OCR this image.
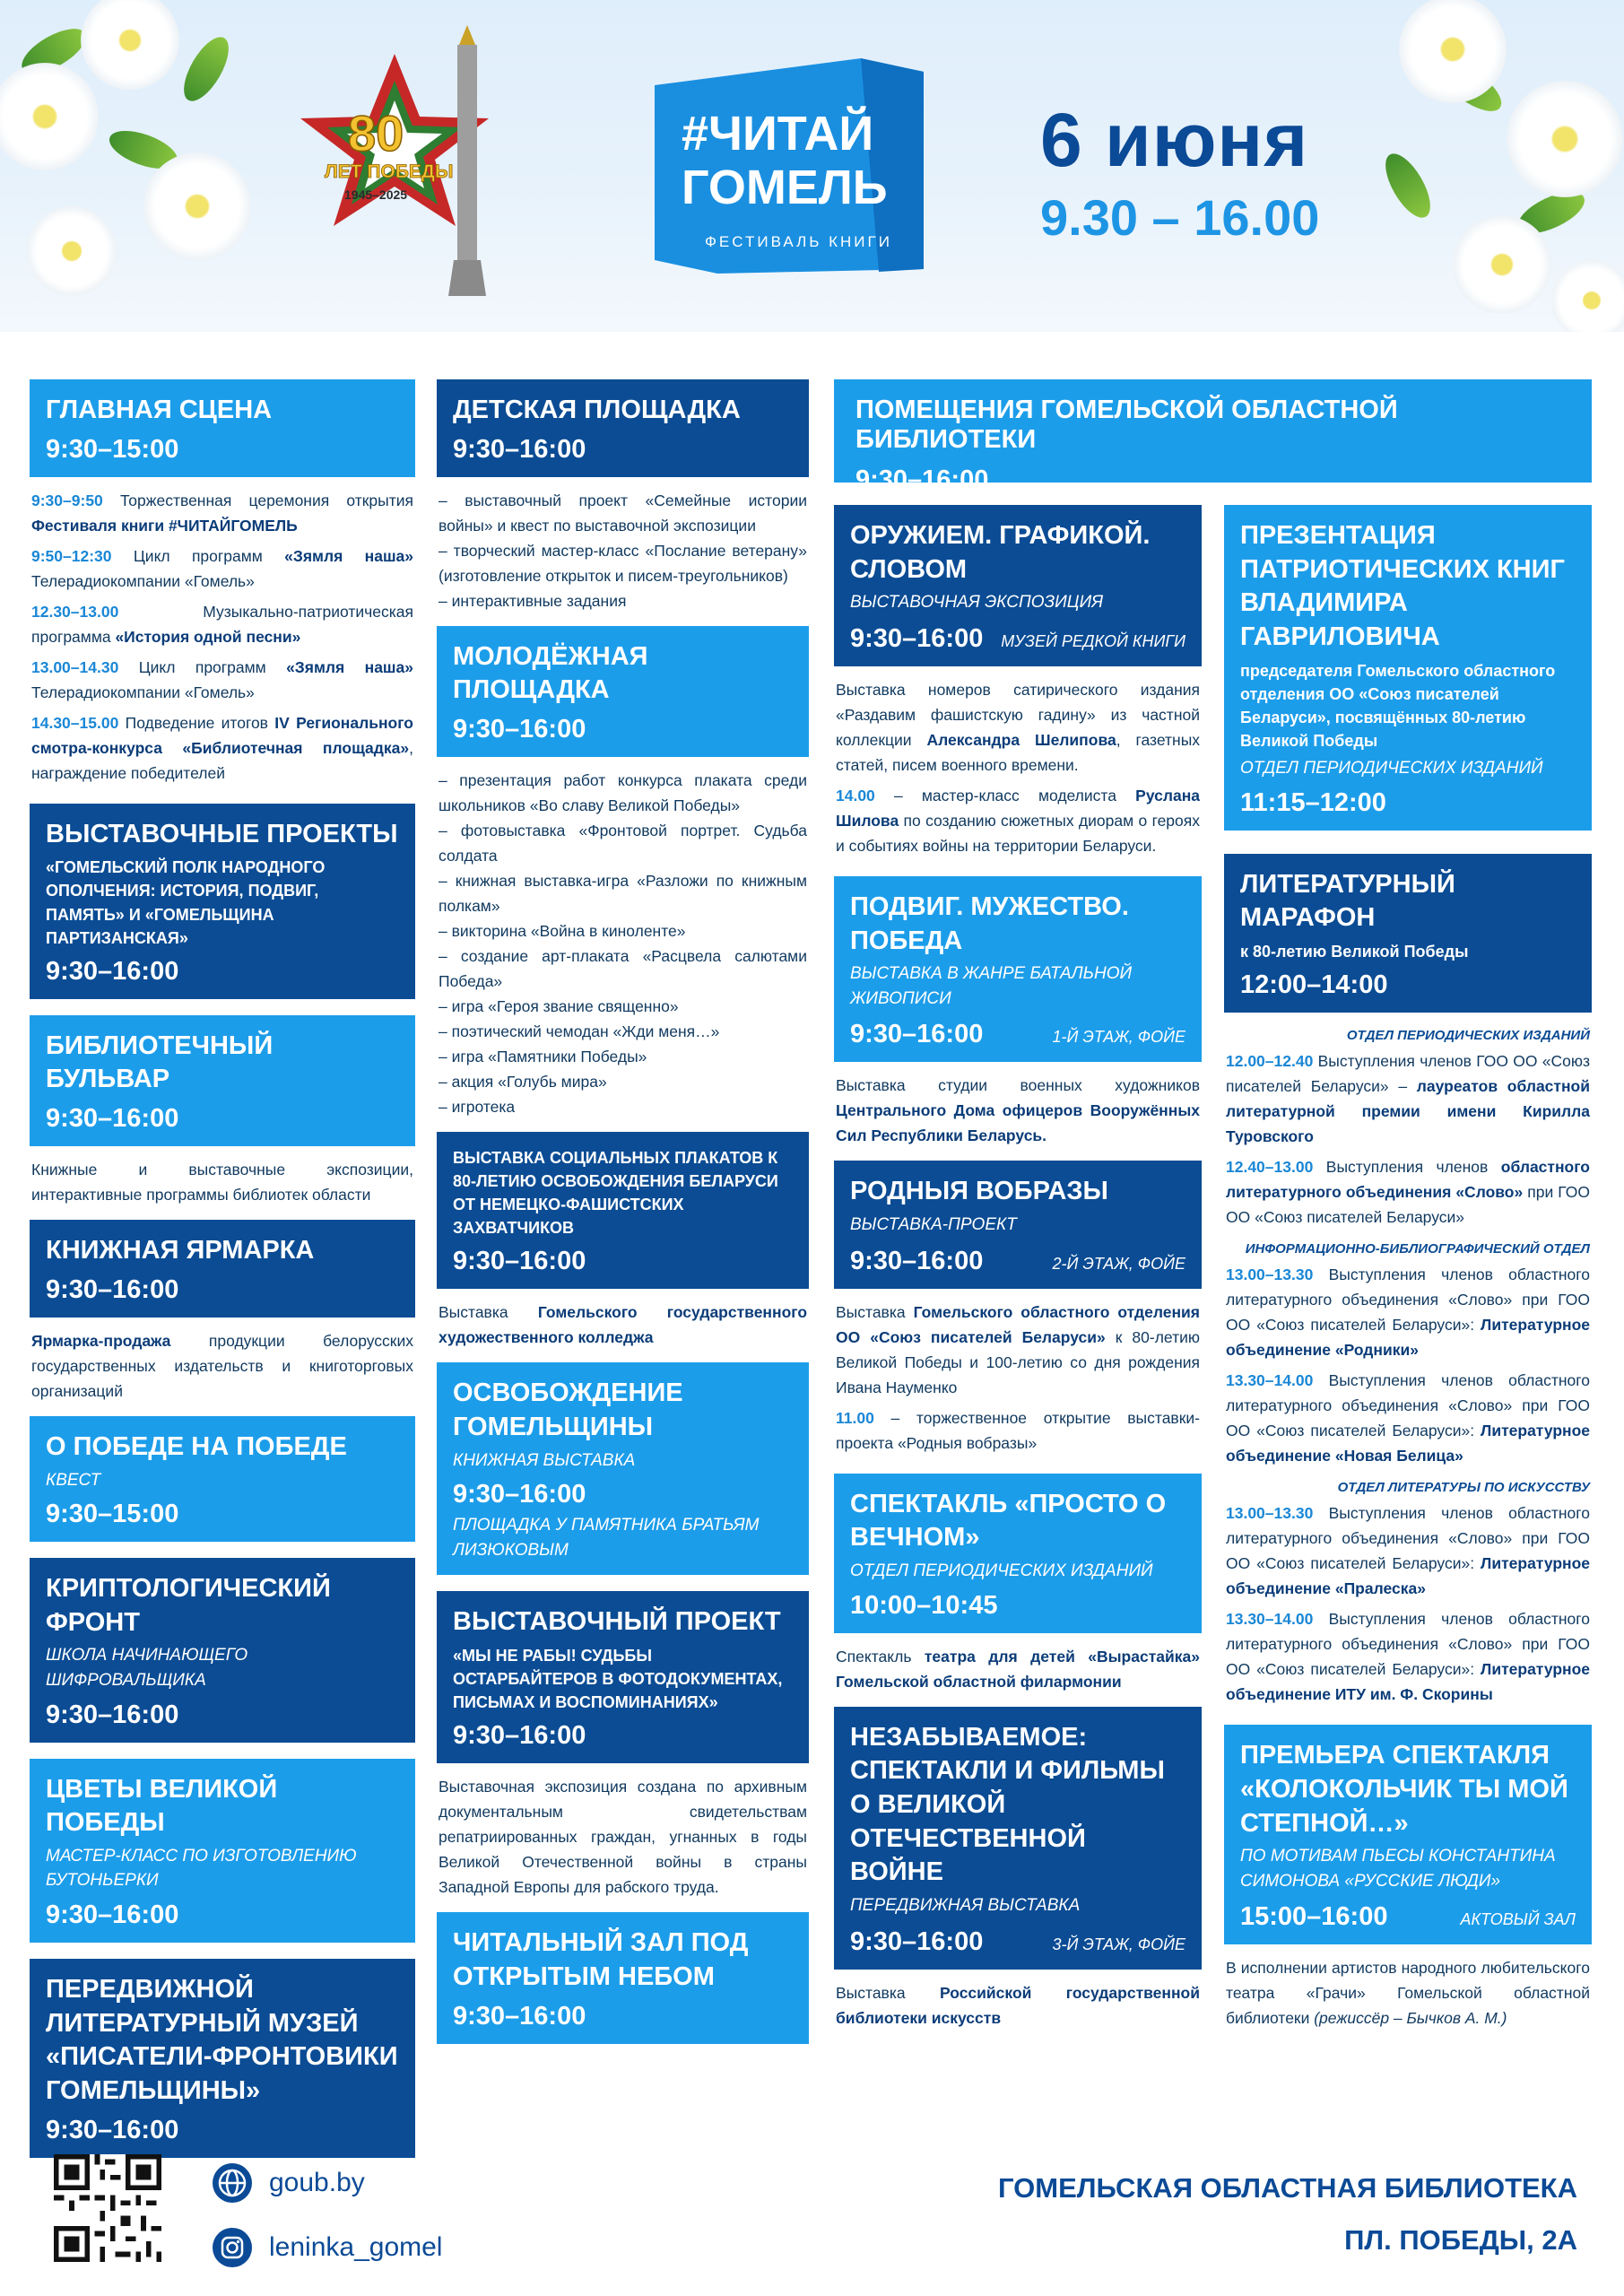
80
ЛЕТ ПОБЕДЫ
1945–2025
#ЧИТАЙ
ГОМЕЛЬ
ФЕСТИВАЛЬ КНИГИ
6 июня
9.30 – 16.00
ГЛАВНАЯ СЦЕНА
9:30–15:00

9:30–9:50 Торжественная церемония открытия Фестиваля книги #ЧИТАЙГОМЕЛЬ

9:50–12:30 Цикл программ «Зямля наша» Телерадиокомпании «Гомель»

12.30–13.00 Музыкально-патриотическая программа «История одной песни»

13.00–14.30 Цикл программ «Зямля наша» Телерадиокомпании «Гомель»

14.30–15.00 Подведение итогов IV Регионального смотра-конкурса «Библиотечная площадка», награждение победителей

ВЫСТАВОЧНЫЕ ПРОЕКТЫ
«ГОМЕЛЬСКИЙ ПОЛК НАРОДНОГО ОПОЛЧЕНИЯ: ИСТОРИЯ, ПОДВИГ, ПАМЯТЬ» И «ГОМЕЛЬЩИНА ПАРТИЗАНСКАЯ»
9:30–16:00
БИБЛИОТЕЧНЫЙ БУЛЬВАР
9:30–16:00
Книжные и выставочные экспозиции, интерактивные программы библиотек области
КНИЖНАЯ ЯРМАРКА
9:30–16:00
Ярмарка-продажа продукции белорусских государственных издательств и книготорговых организаций
О ПОБЕДЕ НА ПОБЕДЕ
КВЕСТ
9:30–15:00
КРИПТОЛОГИЧЕСКИЙ ФРОНТ
ШКОЛА НАЧИНАЮЩЕГО ШИФРОВАЛЬЩИКА
9:30–16:00
ЦВЕТЫ ВЕЛИКОЙ ПОБЕДЫ
МАСТЕР-КЛАСС ПО ИЗГОТОВЛЕНИЮ БУТОНЬЕРКИ
9:30–16:00
ПЕРЕДВИЖНОЙ ЛИТЕРАТУРНЫЙ МУЗЕЙ «ПИСАТЕЛИ-ФРОНТОВИКИ ГОМЕЛЬЩИНЫ»
9:30–16:00
ДЕТСКАЯ ПЛОЩАДКА
9:30–16:00
– выставочный проект «Семейные истории войны» и квест по выставочной экспозиции
– творческий мастер-класс «Послание ветерану» (изготовление открыток и писем-треугольников)
– интерактивные задания
МОЛОДЁЖНАЯ ПЛОЩАДКА
9:30–16:00
– презентация работ конкурса плаката среди школьников «Во славу Великой Победы»
– фотовыставка «Фронтовой портрет. Судьба солдата
– книжная выставка-игра «Разложи по книжным полкам»
– викторина «Война в киноленте»
– создание арт-плаката «Расцвела салютами Победа»
– игра «Героя звание священно»
– поэтический чемодан «Жди меня…»
– игра «Памятники Победы»
– акция «Голубь мира»
– игротека
ВЫСТАВКА СОЦИАЛЬНЫХ ПЛАКАТОВ К 80-ЛЕТИЮ ОСВОБОЖДЕНИЯ БЕЛАРУСИ ОТ НЕМЕЦКО-ФАШИСТСКИХ ЗАХВАТЧИКОВ
9:30–16:00
Выставка Гомельского государственного художественного колледжа
ОСВОБОЖДЕНИЕ ГОМЕЛЬЩИНЫ
КНИЖНАЯ ВЫСТАВКА
9:30–16:00
ПЛОЩАДКА У ПАМЯТНИКА БРАТЬЯМ ЛИЗЮКОВЫМ
ВЫСТАВОЧНЫЙ ПРОЕКТ
«МЫ НЕ РАБЫ! СУДЬБЫ ОСТАРБАЙТЕРОВ В ФОТОДОКУМЕНТАХ, ПИСЬМАХ И ВОСПОМИНАНИЯХ»
9:30–16:00
Выставочная экспозиция создана по архивным документальным свидетельствам репатриированных граждан, угнанных в годы Великой Отечественной войны в страны Западной Европы для рабского труда.
ЧИТАЛЬНЫЙ ЗАЛ ПОД ОТКРЫТЫМ НЕБОМ
9:30–16:00
ПОМЕЩЕНИЯ ГОМЕЛЬСКОЙ ОБЛАСТНОЙ БИБЛИОТЕКИ
9:30–16:00
ОРУЖИЕМ. ГРАФИКОЙ. СЛОВОМ
ВЫСТАВОЧНАЯ ЭКСПОЗИЦИЯ
9:30–16:00 МУЗЕЙ РЕДКОЙ КНИГИ

Выставка номеров сатирического издания «Раздавим фашистскую гадину» из частной коллекции Александра Шелипова, газетных статей, писем военного времени.

14.00 – мастер-класс моделиста Руслана Шилова по созданию сюжетных диорам о героях и событиях войны на территории Беларуси.

ПОДВИГ. МУЖЕСТВО. ПОБЕДА
ВЫСТАВКА В ЖАНРЕ БАТАЛЬНОЙ ЖИВОПИСИ
9:30–16:00	1-Й ЭТАЖ, ФОЙЕ
Выставка студии военных художников Центрального Дома офицеров Вооружённых Сил Республики Беларусь.
РОДНЫЯ ВОБРАЗЫ
ВЫСТАВКА-ПРОЕКТ
9:30–16:00	2-Й ЭТАЖ, ФОЙЕ

Выставка Гомельского областного отделения ОО «Союз писателей Беларуси» к 80-летию Великой Победы и 100-летию со дня рождения Ивана Науменко

11.00 – торжественное открытие выставки-проекта «Родныя вобразы»

СПЕКТАКЛЬ «ПРОСТО О ВЕЧНОМ»
ОТДЕЛ ПЕРИОДИЧЕСКИХ ИЗДАНИЙ
10:00–10:45
Спектакль театра для детей «Вырастайка» Гомельской областной филармонии
НЕЗАБЫВАЕМОЕ: СПЕКТАКЛИ И ФИЛЬМЫ О ВЕЛИКОЙ ОТЕЧЕСТВЕННОЙ ВОЙНЕ
ПЕРЕДВИЖНАЯ ВЫСТАВКА
9:30–16:00	3-Й ЭТАЖ, ФОЙЕ
Выставка Российской государственной библиотеки искусств
ПРЕЗЕНТАЦИЯ ПАТРИОТИЧЕСКИХ КНИГ ВЛАДИМИРА ГАВРИЛОВИЧА
председателя Гомельского областного отделения ОО «Союз писателей Беларуси», посвящённых 80-летию Великой Победы
ОТДЕЛ ПЕРИОДИЧЕСКИХ ИЗДАНИЙ
11:15–12:00
ЛИТЕРАТУРНЫЙ МАРАФОН
к 80-летию Великой Победы
12:00–14:00
ОТДЕЛ ПЕРИОДИЧЕСКИХ ИЗДАНИЙ

12.00–12.40 Выступления членов ГОО ОО «Союз писателей Беларуси» – лауреатов областной литературной премии имени Кирилла Туровского

12.40–13.00 Выступления членов областного литературного объединения «Слово» при ГОО ОО «Союз писателей Беларуси»

ИНФОРМАЦИОННО-БИБЛИОГРАФИЧЕСКИЙ ОТДЕЛ

13.00–13.30 Выступления членов областного литературного объединения «Слово» при ГОО ОО «Союз писателей Беларуси»: Литературное объединение «Родники»

13.30–14.00 Выступления членов областного литературного объединения «Слово» при ГОО ОО «Союз писателей Беларуси»: Литературное объединение «Новая Белица»

ОТДЕЛ ЛИТЕРАТУРЫ ПО ИСКУССТВУ

13.00–13.30 Выступления членов областного литературного объединения «Слово» при ГОО ОО «Союз писателей Беларуси»: Литературное объединение «Пралеска»

13.30–14.00 Выступления членов областного литературного объединения «Слово» при ГОО ОО «Союз писателей Беларуси»: Литературное объединение ИТУ им. Ф. Скорины

ПРЕМЬЕРА СПЕКТАКЛЯ «КОЛОКОЛЬЧИК ТЫ МОЙ СТЕПНОЙ…»
ПО МОТИВАМ ПЬЕСЫ КОНСТАНТИНА СИМОНОВА «РУССКИЕ ЛЮДИ»
15:00–16:00	АКТОВЫЙ ЗАЛ
В исполнении артистов народного любительского театра «Грачи» Гомельской областной библиотеки (режиссёр – Бычков А. М.)
goub.by
leninka_gomel
ГОМЕЛЬСКАЯ ОБЛАСТНАЯ БИБЛИОТЕКА
ПЛ. ПОБЕДЫ, 2А
